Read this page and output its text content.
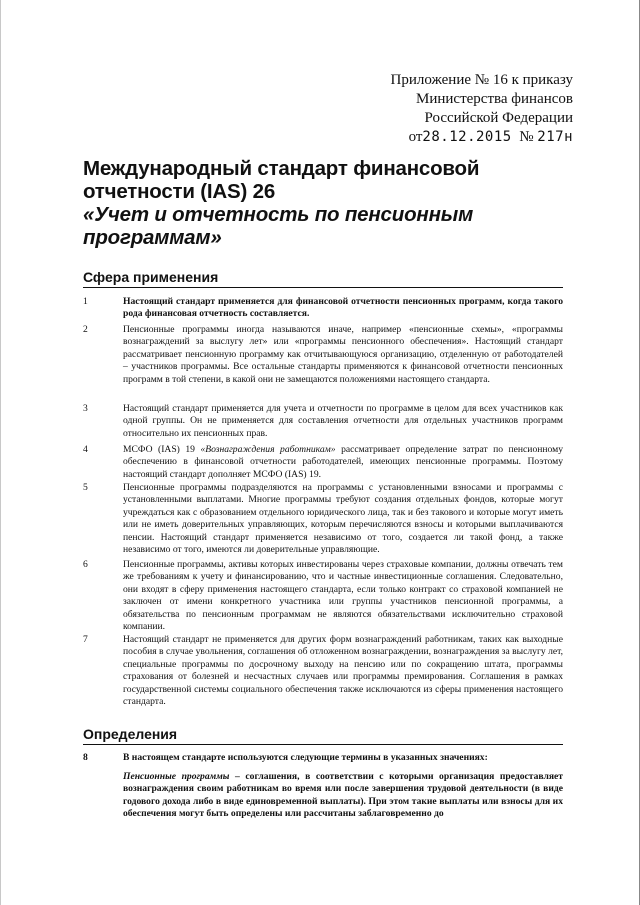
Приложение № 16 к приказу
Министерства финансов
Российской Федерации
от28.12.2015 № 217н
Международный стандарт финансовой отчетности (IAS) 26
«Учет и отчетность по пенсионным программам»
Сфера применения
1	Настоящий стандарт применяется для финансовой отчетности пенсионных программ, когда такого рода финансовая отчетность составляется.
2	Пенсионные программы иногда называются иначе, например «пенсионные схемы», «программы вознаграждений за выслугу лет» или «программы пенсионного обеспечения». Настоящий стандарт рассматривает пенсионную программу как отчитывающуюся организацию, отделенную от работодателей – участников программы. Все остальные стандарты применяются к финансовой отчетности пенсионных программ в той степени, в какой они не замещаются положениями настоящего стандарта.
3	Настоящий стандарт применяется для учета и отчетности по программе в целом для всех участников как одной группы. Он не применяется для составления отчетности для отдельных участников программ относительно их пенсионных прав.
4	МСФО (IAS) 19 «Вознаграждения работникам» рассматривает определение затрат по пенсионному обеспечению в финансовой отчетности работодателей, имеющих пенсионные программы. Поэтому настоящий стандарт дополняет МСФО (IAS) 19.
5	Пенсионные программы подразделяются на программы с установленными взносами и программы с установленными выплатами. Многие программы требуют создания отдельных фондов, которые могут учреждаться как с образованием отдельного юридического лица, так и без такового и которые могут иметь или не иметь доверительных управляющих, которым перечисляются взносы и которыми выплачиваются пенсии. Настоящий стандарт применяется независимо от того, создается ли такой фонд, а также независимо от того, имеются ли доверительные управляющие.
6	Пенсионные программы, активы которых инвестированы через страховые компании, должны отвечать тем же требованиям к учету и финансированию, что и частные инвестиционные соглашения. Следовательно, они входят в сферу применения настоящего стандарта, если только контракт со страховой компанией не заключен от имени конкретного участника или группы участников пенсионной программы, а обязательства по пенсионным программам не являются обязательствами исключительно страховой компании.
7	Настоящий стандарт не применяется для других форм вознаграждений работникам, таких как выходные пособия в случае увольнения, соглашения об отложенном вознаграждении, вознаграждения за выслугу лет, специальные программы по досрочному выходу на пенсию или по сокращению штата, программы страхования от болезней и несчастных случаев или программы премирования. Соглашения в рамках государственной системы социального обеспечения также исключаются из сферы применения настоящего стандарта.
Определения
8	В настоящем стандарте используются следующие термины в указанных значениях:
Пенсионные программы – соглашения, в соответствии с которыми организация предоставляет вознаграждения своим работникам во время или после завершения трудовой деятельности (в виде годового дохода либо в виде единовременной выплаты). При этом такие выплаты или взносы для их обеспечения могут быть определены или рассчитаны заблаговременно до
